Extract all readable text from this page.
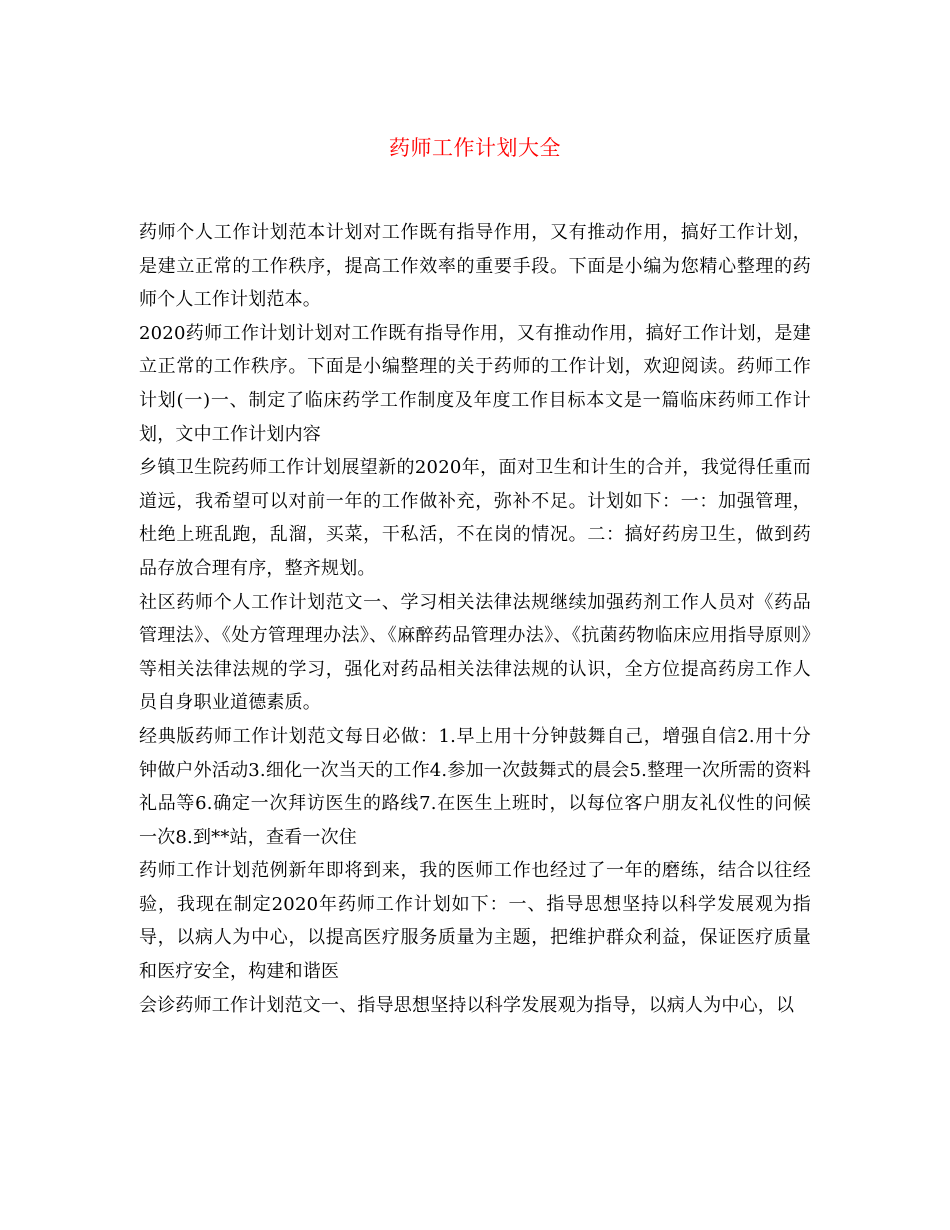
药师工作计划大全

药师个人工作计划范本计划对工作既有指导作用，又有推动作用，搞好工作计划，是建立正常的工作秩序，提高工作效率的重要手段。下面是小编为您精心整理的药师个人工作计划范本。

2020药师工作计划计划对工作既有指导作用，又有推动作用，搞好工作计划，是建立正常的工作秩序。下面是小编整理的关于药师的工作计划，欢迎阅读。药师工作计划(一)一、制定了临床药学工作制度及年度工作目标本文是一篇临床药师工作计划，文中工作计划内容

乡镇卫生院药师工作计划展望新的2020年，面对卫生和计生的合并，我觉得任重而道远，我希望可以对前一年的工作做补充，弥补不足。计划如下：一：加强管理，杜绝上班乱跑，乱溜，买菜，干私活，不在岗的情况。二：搞好药房卫生，做到药品存放合理有序，整齐规划。

社区药师个人工作计划范文一、学习相关法律法规继续加强药剂工作人员对《药品管理法》、《处方管理理办法》、《麻醉药品管理办法》、《抗菌药物临床应用指导原则》等相关法律法规的学习，强化对药品相关法律法规的认识，全方位提高药房工作人员自身职业道德素质。

经典版药师工作计划范文每日必做：1.早上用十分钟鼓舞自己，增强自信2.用十分钟做户外活动3.细化一次当天的工作4.参加一次鼓舞式的晨会5.整理一次所需的资料礼品等6.确定一次拜访医生的路线7.在医生上班时，以每位客户朋友礼仪性的问候一次8.到**站，查看一次住

药师工作计划范例新年即将到来，我的医师工作也经过了一年的磨练，结合以往经验，我现在制定2020年药师工作计划如下：一、指导思想坚持以科学发展观为指导，以病人为中心，以提高医疗服务质量为主题，把维护群众利益，保证医疗质量和医疗安全，构建和谐医

会诊药师工作计划范文一、指导思想坚持以科学发展观为指导，以病人为中心，以
